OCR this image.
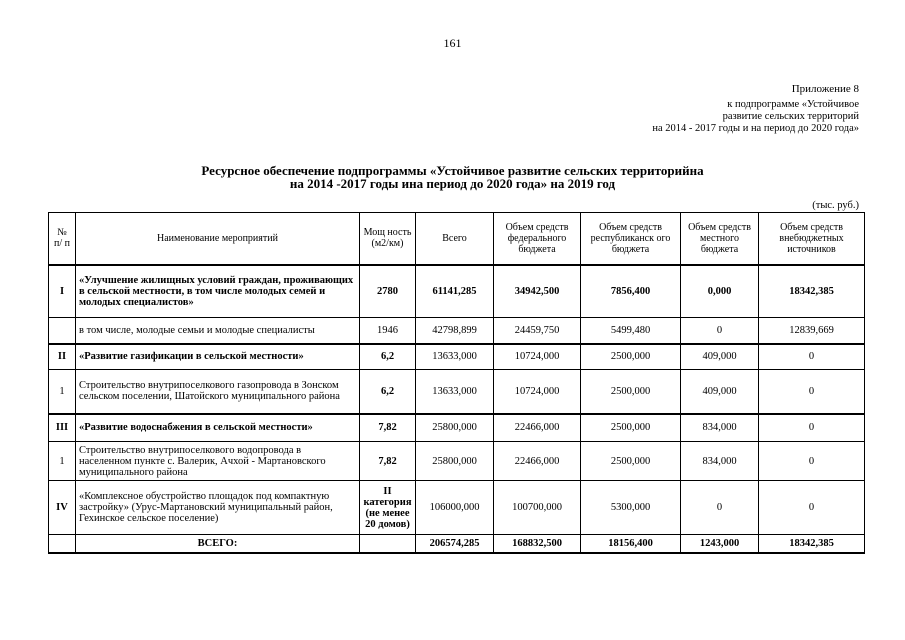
161
Приложение 8
к подпрограмме «Устойчивое
развитие сельских территорий
на 2014 - 2017 годы и на период до 2020 года»
Ресурсное обеспечение подпрограммы «Устойчивое развитие сельских территорийна
на 2014 -2017 годы ина период до 2020 года» на 2019 год
(тыс. руб.)
№ п/ п	Наименование мероприятий	Мощ ность (м2/км)	Всего	Объем средств федерального бюджета	Объем средств республиканск ого бюджета	Объем средств местного бюджета	Объем средств внебюджетных источников
I	«Улучшение жилищных условий граждан, проживающих в сельской местности, в том числе молодых семей и молодых специалистов»	2780	61141,285	34942,500	7856,400	0,000	18342,385
	в том числе, молодые семьи и молодые специалисты	1946	42798,899	24459,750	5499,480	0	12839,669
II	«Развитие газификации в сельской местности»	6,2	13633,000	10724,000	2500,000	409,000	0
1	Строительство внутрипоселкового газопровода в Зонском сельском поселении, Шатойского муниципального района	6,2	13633,000	10724,000	2500,000	409,000	0
III	«Развитие водоснабжения в сельской местности»	7,82	25800,000	22466,000	2500,000	834,000	0
1	Строительство внутрипоселкового водопровода в населенном пункте с. Валерик, Ачхой - Мартановского муниципального района	7,82	25800,000	22466,000	2500,000	834,000	0
IV	«Комплексное обустройство площадок под компактную застройку» (Урус-Мартановский муниципальный район, Гехинское сельское поселение)	II категория (не менее 20 домов)	106000,000	100700,000	5300,000	0	0
	ВСЕГО:		206574,285	168832,500	18156,400	1243,000	18342,385
